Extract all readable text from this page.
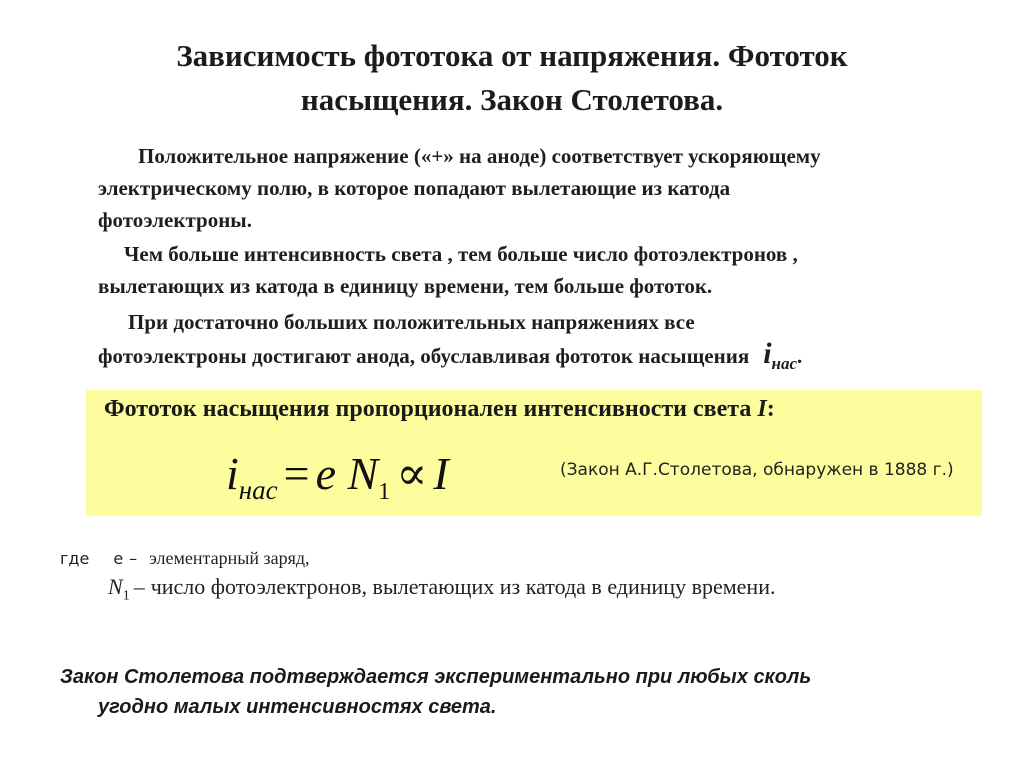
Зависимость фототока от напряжения. Фототок
насыщения. Закон Столетова.
Положительное напряжение («+» на аноде) соответствует ускоряющему
электрическому полю, в которое попадают вылетающие из катода
фотоэлектроны.
Чем больше интенсивность света , тем больше число фотоэлектронов ,
вылетающих из катода в единицу времени, тем больше фототок.
При достаточно больших положительных напряжениях все
фотоэлектроны достигают анода, обуславливая фототок насыщения $i_{нас}$.
Фототок насыщения пропорционален интенсивности света I:
$i_{нас} = e$ $N_1 \propto I$	(Закон А.Г.Столетова, обнаружен в 1888 г.)
где e – элементарный заряд,
$N_1$ – число фотоэлектронов, вылетающих из катода в единицу времени.
Закон Столетова подтверждается экспериментально при любых сколь
угодно малых интенсивностях света.
